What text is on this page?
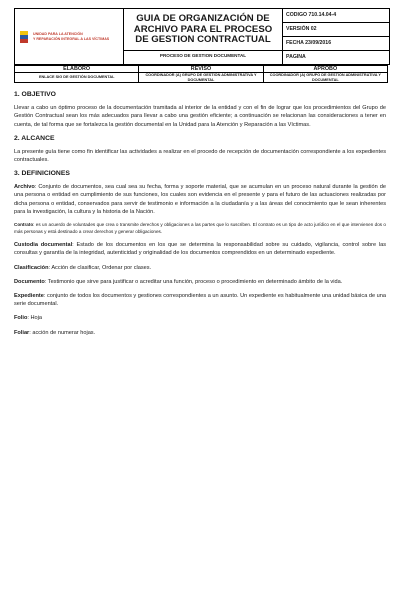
UNIDAD PARA LA ATENCIÓN
Y REPARACIÓN INTEGRAL A LAS VÍCTIMAS

GUIA DE ORGANIZACIÓN DE ARCHIVO PARA EL PROCESO DE GESTION CONTRACTUAL
PROCESO DE GESTION DOCUMENTAL

CODIGO 710.14.04-4
VERSIÓN 02
FECHA 23/09/2016
PAGINA
ELABORÓ	REVISÓ	APROBO
ENLACE SIG DE GESTIÓN DOCUMENTAL	COORDINADOR (A) GRUPO DE GESTIÓN ADMINISTRATIVA Y DOCUMENTAL	COORDINADOR (A) GRUPO DE GESTIÓN ADMINISTRATIVA Y DOCUMENTAL
1. OBJETIVO

Llevar a cabo un óptimo proceso de la documentación tramitada al interior de la entidad y con el fin de lograr que los procedimientos del Grupo de Gestión Contractual sean los más adecuados para llevar a cabo una gestión eficiente; a continuación se relacionan las consideraciones a tener en cuenta, de tal forma que se fortalezca la gestión documental en la Unidad para la Atención y Reparación a las Víctimas.

2. ALCANCE

La presente guía tiene como fin identificar las actividades a realizar en el procedo de recepción de documentación correspondiente a los expedientes contractuales.

3. DEFINICIONES

Archivo: Conjunto de documentos, sea cual sea su fecha, forma y soporte material, que se acumulan en un proceso natural durante la gestión de una persona o entidad en cumplimiento de sus funciones, los cuales son evidencia en el presente y para el futuro de las actuaciones realizadas por dicha persona o entidad, conservados para servir de testimonio e información a la ciudadanía y a las áreas del conocimiento que le sean inherentes para la investigación, la cultura y la historia de la Nación.

Contrato: es un acuerdo de voluntades que crea o transmite derechos y obligaciones a las partes que lo suscriben. El contrato es un tipo de acto jurídico en el que intervienen dos o más personas y está destinado a crear derechos y generar obligaciones.

Custodia documental: Estado de los documentos en los que se determina la responsabilidad sobre su cuidado, vigilancia, control sobre las consultas y garantía de la integridad, autenticidad y originalidad de los documentos comprendidos en un determinado expediente.

Clasificación: Acción de clasificar, Ordenar por clases.

Documento: Testimonio que sirve para justificar o acreditar una función, proceso o procedimiento en determinado ámbito de la vida.

Expediente: conjunto de todos los documentos y gestiones correspondientes a un asunto. Un expediente es habitualmente una unidad básica de una serie documental.

Folio: Hoja

Foliar: acción de numerar hojas.
